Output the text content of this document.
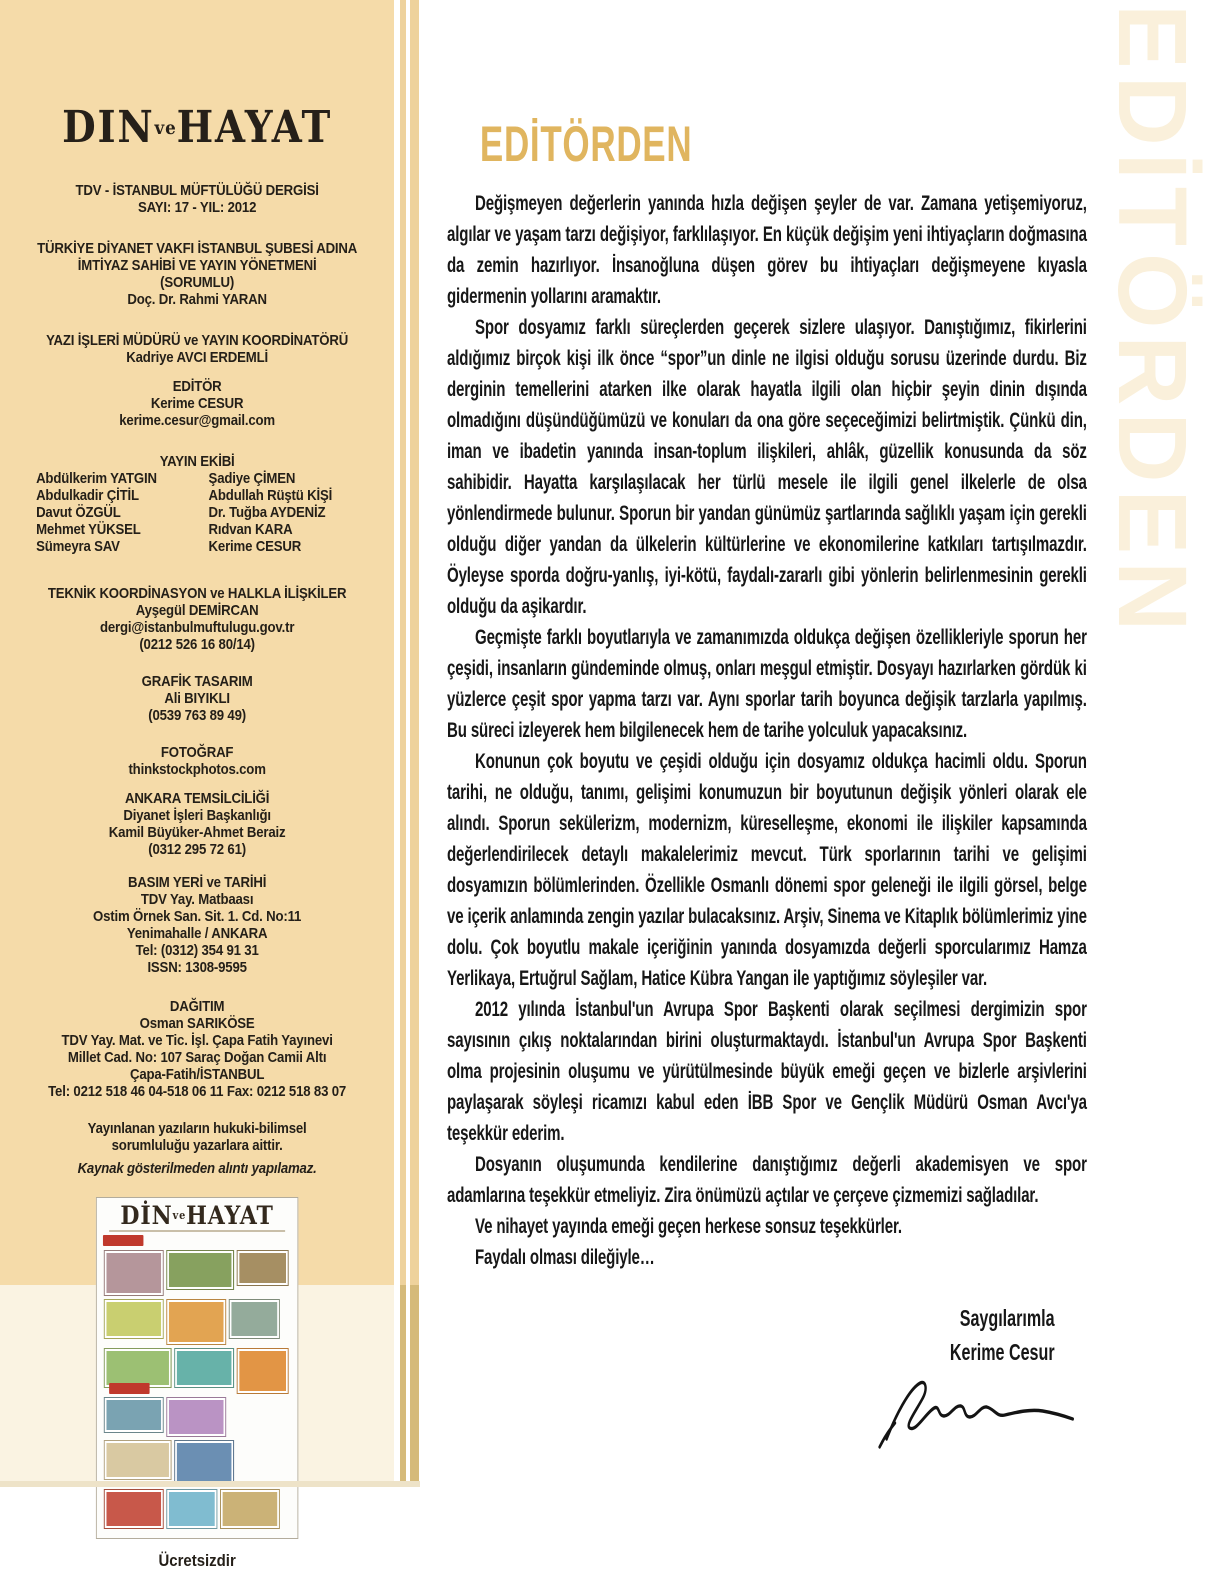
EDİTÖRDEN
DINveHAYAT
TDV - İSTANBUL MÜFTÜLÜĞÜ DERGİSİ
SAYI: 17 - YIL: 2012
TÜRKİYE DİYANET VAKFI İSTANBUL ŞUBESİ ADINA
İMTİYAZ SAHİBİ VE YAYIN YÖNETMENİ
(SORUMLU)
Doç. Dr. Rahmi YARAN
YAZI İŞLERİ MÜDÜRÜ ve YAYIN KOORDİNATÖRÜ
Kadriye AVCI ERDEMLİ
EDİTÖR
Kerime CESUR
kerime.cesur@gmail.com
YAYIN EKİBİ
Abdülkerim YATGIN
Abdulkadir ÇİTİL
Davut ÖZGÜL
Mehmet YÜKSEL
Sümeyra SAV
Şadiye ÇİMEN
Abdullah Rüştü KİŞİ
Dr. Tuğba AYDENİZ
Rıdvan KARA
Kerime CESUR
TEKNİK KOORDİNASYON ve HALKLA İLİŞKİLER
Ayşegül DEMİRCAN
dergi@istanbulmuftulugu.gov.tr
(0212 526 16 80/14)
GRAFİK TASARIM
Ali BIYIKLI
(0539 763 89 49)
FOTOĞRAF
thinkstockphotos.com
ANKARA TEMSİLCİLİĞİ
Diyanet İşleri Başkanlığı
Kamil Büyüker-Ahmet Beraiz
(0312 295 72 61)
BASIM YERİ ve TARİHİ
TDV Yay. Matbaası
Ostim Örnek San. Sit. 1. Cd. No:11
Yenimahalle / ANKARA
Tel: (0312) 354 91 31
ISSN: 1308-9595
DAĞITIM
Osman SARIKÖSE
TDV Yay. Mat. ve Tic. İşl. Çapa Fatih Yayınevi
Millet Cad. No: 107 Saraç Doğan Camii Altı
Çapa-Fatih/İSTANBUL
Tel: 0212 518 46 04-518 06 11 Fax: 0212 518 83 07
Yayınlanan yazıların hukuki-bilimsel
sorumluluğu yazarlara aittir.
Kaynak gösterilmeden alıntı yapılamaz.
$DİN^{ve}HAYAT$
Ücretsizdir
EDİTÖRDEN

Değişmeyen değerlerin yanında hızla değişen şeyler de var. Zamana yetişemiyoruz, algılar ve yaşam tarzı değişiyor, farklılaşıyor. En küçük değişim yeni ihtiyaçların doğmasına da zemin hazırlıyor. İnsanoğluna düşen görev bu ihtiyaçları değişmeyene kıyasla gidermenin yollarını aramaktır.

Spor dosyamız farklı süreçlerden geçerek sizlere ulaşıyor. Danıştığımız, fikirlerini aldığımız birçok kişi ilk önce “spor”un dinle ne ilgisi olduğu sorusu üzerinde durdu. Biz derginin temellerini atarken ilke olarak hayatla ilgili olan hiçbir şeyin dinin dışında olmadığını düşündüğümüzü ve konuları da ona göre seçeceğimizi belirtmiştik. Çünkü din, iman ve ibadetin yanında insan-toplum ilişkileri, ahlâk, güzellik konusunda da söz sahibidir. Hayatta karşılaşılacak her türlü mesele ile ilgili genel ilkelerle de olsa yönlendirmede bulunur. Sporun bir yandan günümüz şartlarında sağlıklı yaşam için gerekli olduğu diğer yandan da ülkelerin kültürlerine ve ekonomilerine katkıları tartışılmazdır. Öyleyse sporda doğru-yanlış, iyi-kötü, faydalı-zararlı gibi yönlerin belirlenmesinin gerekli olduğu da aşikardır.

Geçmişte farklı boyutlarıyla ve zamanımızda oldukça değişen özellikleriyle sporun her çeşidi, insanların gündeminde olmuş, onları meşgul etmiştir. Dosyayı hazırlarken gördük ki yüzlerce çeşit spor yapma tarzı var. Aynı sporlar tarih boyunca değişik tarzlarla yapılmış. Bu süreci izleyerek hem bilgilenecek hem de tarihe yolculuk yapacaksınız.

Konunun çok boyutu ve çeşidi olduğu için dosyamız oldukça hacimli oldu. Sporun tarihi, ne olduğu, tanımı, gelişimi konumuzun bir boyutunun değişik yönleri olarak ele alındı. Sporun sekülerizm, modernizm, küreselleşme, ekonomi ile ilişkiler kapsamında değerlendirilecek detaylı makalelerimiz mevcut. Türk sporlarının tarihi ve gelişimi dosyamızın bölümlerinden. Özellikle Osmanlı dönemi spor geleneği ile ilgili görsel, belge ve içerik anlamında zengin yazılar bulacaksınız. Arşiv, Sinema ve Kitaplık bölümlerimiz yine dolu. Çok boyutlu makale içeriğinin yanında dosyamızda değerli sporcularımız Hamza Yerlikaya, Ertuğrul Sağlam, Hatice Kübra Yangan ile yaptığımız söyleşiler var.

2012 yılında İstanbul'un Avrupa Spor Başkenti olarak seçilmesi dergimizin spor sayısının çıkış noktalarından birini oluşturmaktaydı. İstanbul'un Avrupa Spor Başkenti olma projesinin oluşumu ve yürütülmesinde büyük emeği geçen ve bizlerle arşivlerini paylaşarak söyleşi ricamızı kabul eden İBB Spor ve Gençlik Müdürü Osman Avcı'ya teşekkür ederim.

Dosyanın oluşumunda kendilerine danıştığımız değerli akademisyen ve spor adamlarına teşekkür etmeliyiz. Zira önümüzü açtılar ve çerçeve çizmemizi sağladılar.

Ve nihayet yayında emeği geçen herkese sonsuz teşekkürler.

Faydalı olması dileğiyle…

Saygılarımla
Kerime Cesur
